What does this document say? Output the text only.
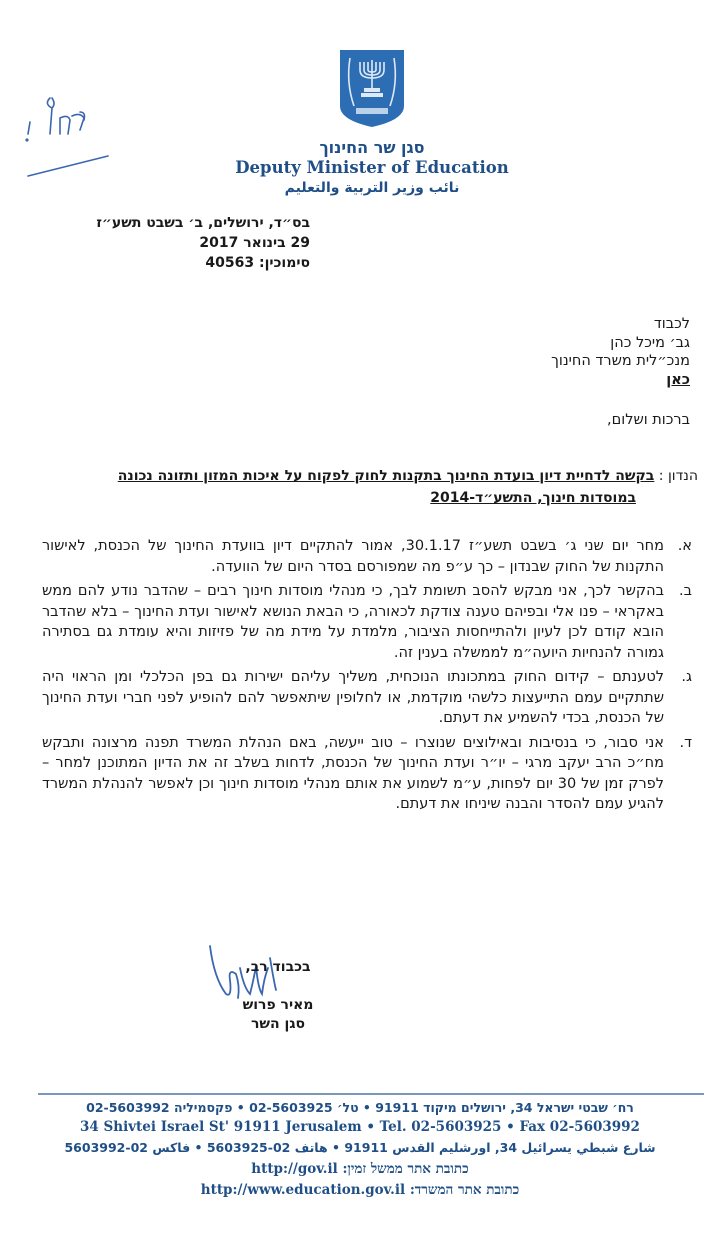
סגן שר החינוך
Deputy Minister of Education
نائب وزير التربية والتعليم
בס״ד, ירושלים, ב׳ בשבט תשע״ז
29 בינואר 2017
סימוכין: 40563
לכבוד
גב׳ מיכל כהן
מנכ״לית משרד החינוך
כאן
ברכות ושלום,
הנדון : בקשה לדחיית דיון בועדת החינוך בתקנות לחוק לפקוח על איכות המזון ותזונה נכונה
במוסדות חינוך, התשע״ד-2014
א.
מחר יום שני ג׳ בשבט תשע״ז 30.1.17, אמור להתקיים דיון בוועדת החינוך של הכנסת, לאישור התקנות של החוק שבנדון – כך ע״פ מה שמפורסם בסדר היום של הוועדה.
ב.
בהקשר לכך, אני מבקש להסב תשומת לבך, כי מנהלי מוסדות חינוך רבים – שהדבר נודע להם ממש באקראי – פנו אלי ובפיהם טענה צודקת לכאורה, כי הבאת הנושא לאישור ועדת החינוך – בלא שהדבר הובא קודם לכן לעיון ולהתייחסות הציבור, מלמדת על מידת מה של פזיזות והיא עומדת גם בסתירה גמורה להנחיות היועה״מ לממשלה בענין זה.
ג.
לטענתם – קידום החוק במתכונתו הנוכחית, משליך עליהם ישירות גם בפן הכלכלי ומן הראוי היה שתתקיים עמם התייעצות כלשהי מוקדמת, או לחלופין שיתאפשר להם להופיע לפני חברי ועדת החינוך של הכנסת, בכדי להשמיע את דעתם.
ד.
אני סבור, כי בנסיבות ובאילוצים שנוצרו – טוב ייעשה, באם הנהלת המשרד תפנה מרצונה ותבקש מח״כ הרב יעקב מרגי – יו״ר ועדת החינוך של הכנסת, לדחות בשלב זה את הדיון המתוכנן למחר – לפרק זמן של 30 יום לפחות, ע״מ לשמוע את אותם מנהלי מוסדות חינוך וכן לאפשר להנהלת המשרד להגיע עמם להסדר והבנה שיניחו את דעתם.
בכבוד רב,
מאיר פרוש
סגן השר
רח׳ שבטי ישראל 34, ירושלים מיקוד 91911 • טל׳ 02-5603925 • פקסמיליה 02-5603992
34 Shivtei Israel St' 91911 Jerusalem • Tel. 02-5603925 • Fax 02-5603992
شارع شبطي يسرائيل 34, اورشليم القدس 91911 • هاتف 02-5603925 • فاكس 02-5603992
כתובת אתר ממשל זמין: http://gov.il
כתובת אתר המשרד: http://www.education.gov.il
